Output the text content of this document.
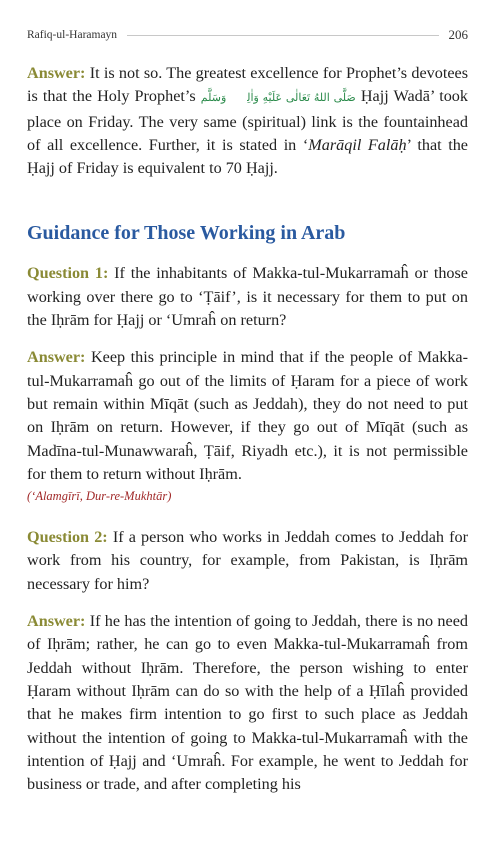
Rafiq-ul-Haramayn	206

Answer: It is not so. The greatest excellence for Prophet’s devotees is that the Holy Prophet’s صَلَّى اللهُ تَعَالٰى عَلَيْهِ وَاٰلِهٖ وَسَلَّم Ḥajj Wadā’ took place on Friday. The very same (spiritual) link is the fountainhead of all excellence. Further, it is stated in ‘Marāqil Falāḥ’ that the Ḥajj of Friday is equivalent to 70 Ḥajj.

Guidance for Those Working in Arab

Question 1: If the inhabitants of Makka-tul-Mukarramaĥ or those working over there go to ‘Ṭāif’, is it necessary for them to put on the Iḥrām for Ḥajj or ‘Umraĥ on return?

Answer: Keep this principle in mind that if the people of Makka-tul-Mukarramaĥ go out of the limits of Ḥaram for a piece of work but remain within Mīqāt (such as Jeddah), they do not need to put on Iḥrām on return. However, if they go out of Mīqāt (such as Madīna-tul-Munawwaraĥ, Ṭāif, Riyadh etc.), it is not permissible for them to return without Iḥrām.

(‘Alamgīrī, Dur-re-Mukhtār)

Question 2: If a person who works in Jeddah comes to Jeddah for work from his country, for example, from Pakistan, is Iḥrām necessary for him?

Answer: If he has the intention of going to Jeddah, there is no need of Iḥrām; rather, he can go to even Makka-tul-Mukarramaĥ from Jeddah without Iḥrām. Therefore, the person wishing to enter Ḥaram without Iḥrām can do so with the help of a Ḥīlaĥ provided that he makes firm intention to go first to such place as Jeddah without the intention of going to Makka-tul-Mukarramaĥ with the intention of Ḥajj and ‘Umraĥ. For example, he went to Jeddah for business or trade, and after completing his
